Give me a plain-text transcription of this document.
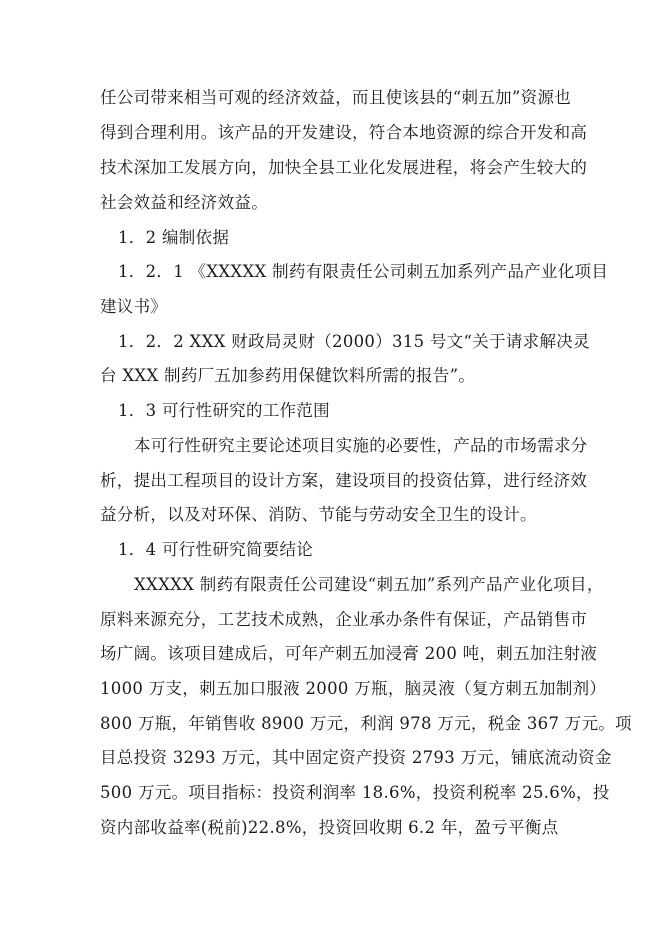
任公司带来相当可观的经济效益，而且使该县的“刺五加”资源也
得到合理利用。该产品的开发建设，符合本地资源的综合开发和高
技术深加工发展方向，加快全县工业化发展进程，将会产生较大的
社会效益和经济效益。
1．2 编制依据
1．2．1 《XXXXX 制药有限责任公司刺五加系列产品产业化项目
建议书》
1．2．2 XXX 财政局灵财（2000）315 号文“关于请求解决灵
台 XXX 制药厂五加参药用保健饮料所需的报告”。
1．3 可行性研究的工作范围
本可行性研究主要论述项目实施的必要性，产品的市场需求分
析，提出工程项目的设计方案，建设项目的投资估算，进行经济效
益分析，以及对环保、消防、节能与劳动安全卫生的设计。
1．4 可行性研究简要结论
XXXXX 制药有限责任公司建设“刺五加”系列产品产业化项目，
原料来源充分，工艺技术成熟，企业承办条件有保证，产品销售市
场广阔。该项目建成后，可年产刺五加浸膏 200 吨，刺五加注射液
1000 万支，刺五加口服液 2000 万瓶，脑灵液（复方刺五加制剂）
800 万瓶，年销售收 8900 万元，利润 978 万元，税金 367 万元。项
目总投资 3293 万元，其中固定资产投资 2793 万元，铺底流动资金
500 万元。项目指标：投资利润率 18.6%，投资利税率 25.6%，投
资内部收益率(税前)22.8%，投资回收期 6.2 年，盈亏平衡点
